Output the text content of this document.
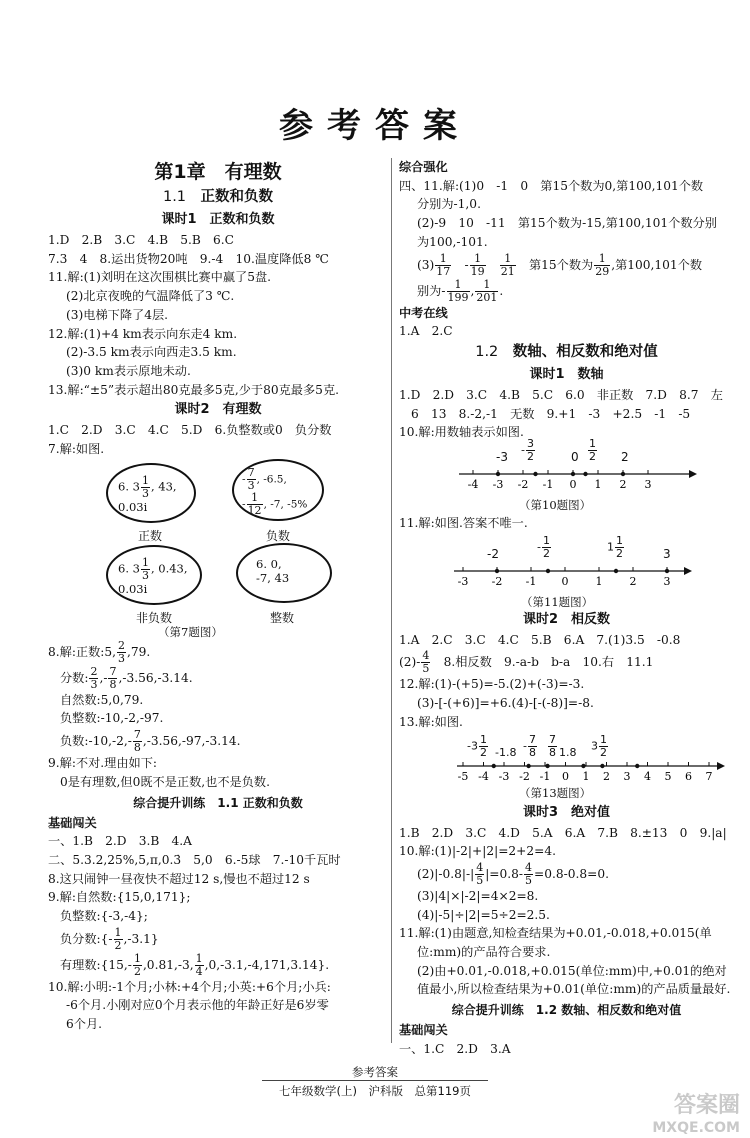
参考答案
第1章　有理数
1.1　 正数和负数
课时1　正数和负数
1.D　2.B　3.C　4.B　5.B　6.C
7.3　4　8.运出货物20吨　9.-4　10.温度降低8 ℃
11.解:(1)刘明在这次围棋比赛中赢了5盘.
(2)北京夜晚的气温降低了3 ℃.
(3)电梯下降了4层.
12.解:(1)+4 km表示向东走4 km.
(2)-3.5 km表示向西走3.5 km.
(3)0 km表示原地未动.
13.解:“±5”表示超出80克最多5克,少于80克最多5克.
课时2　有理数
1.C　2.D　3.C　4.C　5.D　6.负整数或0　负分数
7.解:如图.
6. $3 \frac{1}{3}$ , 43,
0.03i
正数
- $\frac{7}{3}$ , -6.5,
- $\frac{1}{12}$ , -7, -5%
负数
6. $3 \frac{1}{3}$ , 0.43,
0.03i
非负数
6. 0,
-7, 43
整数
（第7题图）
8.解:正数:5, $\frac{2}{3} ,79$.
分数: $\frac{2}{3}$ ,- $\frac{7}{8} ,-3.56,-3.14$.
自然数:5,0,79.
负整数:-10,-2,-97.
负数:-10,-2,- $\frac{7}{8} ,-3.56,-97,-3.14$.
9.解:不对.理由如下:
0是有理数,但0既不是正数,也不是负数.
综合提升训练　1.1 正数和负数
基础闯关
一、1.B　2.D　3.B　4.A
二、5.3.2,25%,5,π,0.3̇　5,0　6.-5球　7.-10千瓦时
8.这只闹钟一昼夜快不超过12 s,慢也不超过12 s
9.解:自然数:{15,0,171};
负整数:{-3,-4};
负分数:{- $\frac{1}{2} ,-3.1$}
有理数:{15,- $\frac{1}{2} ,0.81,-3$, $\frac{1}{4} ,0,-3.1,-4,171,3.14$}.
10.解:小明:-1个月;小林:+4个月;小英:+6个月;小兵:
-6个月.小刚对应0个月表示他的年龄正好是6岁零
6个月.
综合强化
四、11.解:(1)0　-1　0　第15个数为0,第100,101个数
分别为-1,0.
(2)-9　10　-11　第15个数为-15,第100,101个数分别
为100,-101.
$(3) \frac{1}{17}$
　 - $\frac{1}{19}$
　 $\frac{1}{21}$ 　第15个数为 $\frac{1}{29}$ ,第100,101个数
别为- $\frac{1}{199}$ , $\frac{1}{201}$ .
中考在线
1.A　2.C
1.2　 数轴、相反数和绝对值
课时1　数轴
1.D　2.D　3.C　4.B　5.C　6.0　非正数　7.D　8.7　左
6　13　8.-2,-1　无数　9.+1　-3　+2.5　-1　-5
10.解:用数轴表示如图.
-4 -3 -2 -1 0 1 2 3
$-3 - \frac{3}{2}$	$0 \frac{1}{2} 2$
（第10题图）
11.解:如图.答案不唯一.
-3 -2 -1 0 1 2 3
-2	- $\frac{1}{2}$	$1 \frac{1}{2}$	3
（第11题图）
课时2　相反数
1.A　2.C　3.C　4.C　5.B　6.A　7.(1)3.5　-0.8
$(2)- \frac{4}{5}$ 　8.相反数　9.-a-b　b-a　10.右　11.1
12.解:(1)-(+5)=-5.(2)+(-3)=-3.
(3)-[-(+6)]=+6.(4)-[-(-8)]=-8.
13.解:如图.
-5 -4 -3 -2 -1 0 1 2 3 4 5 6 7
$-3 \frac{1}{2} -1.8 - \frac{7}{8} \frac{7}{8} 1.8$ $3 \frac{1}{2}$
（第13题图）
课时3　绝对值
1.B　2.D　3.C　4.D　5.A　6.A　7.B　8.±13　0　9.|a|
10.解:(1)|-2|+|2|=2+2=4.
$(2)|-0.8|-| \frac{4}{5} |=0.8- \frac{4}{5} =0.8-0.8=0$.
(3)|4|×|-2|=4×2=8.
(4)|-5|÷|2|=5÷2=2.5.
11.解:(1)由题意,知检查结果为+0.01,-0.018,+0.015(单
位:mm)的产品符合要求.
(2)由+0.01,-0.018,+0.015(单位:mm)中,+0.01的绝对
值最小,所以检查结果为+0.01(单位:mm)的产品质量最好.
综合提升训练　1.2 数轴、相反数和绝对值
基础闯关
一、1.C　2.D　3.A
参考答案
七年级数学(上)　沪科版　总第119页
答案圈
MXQE.COM
